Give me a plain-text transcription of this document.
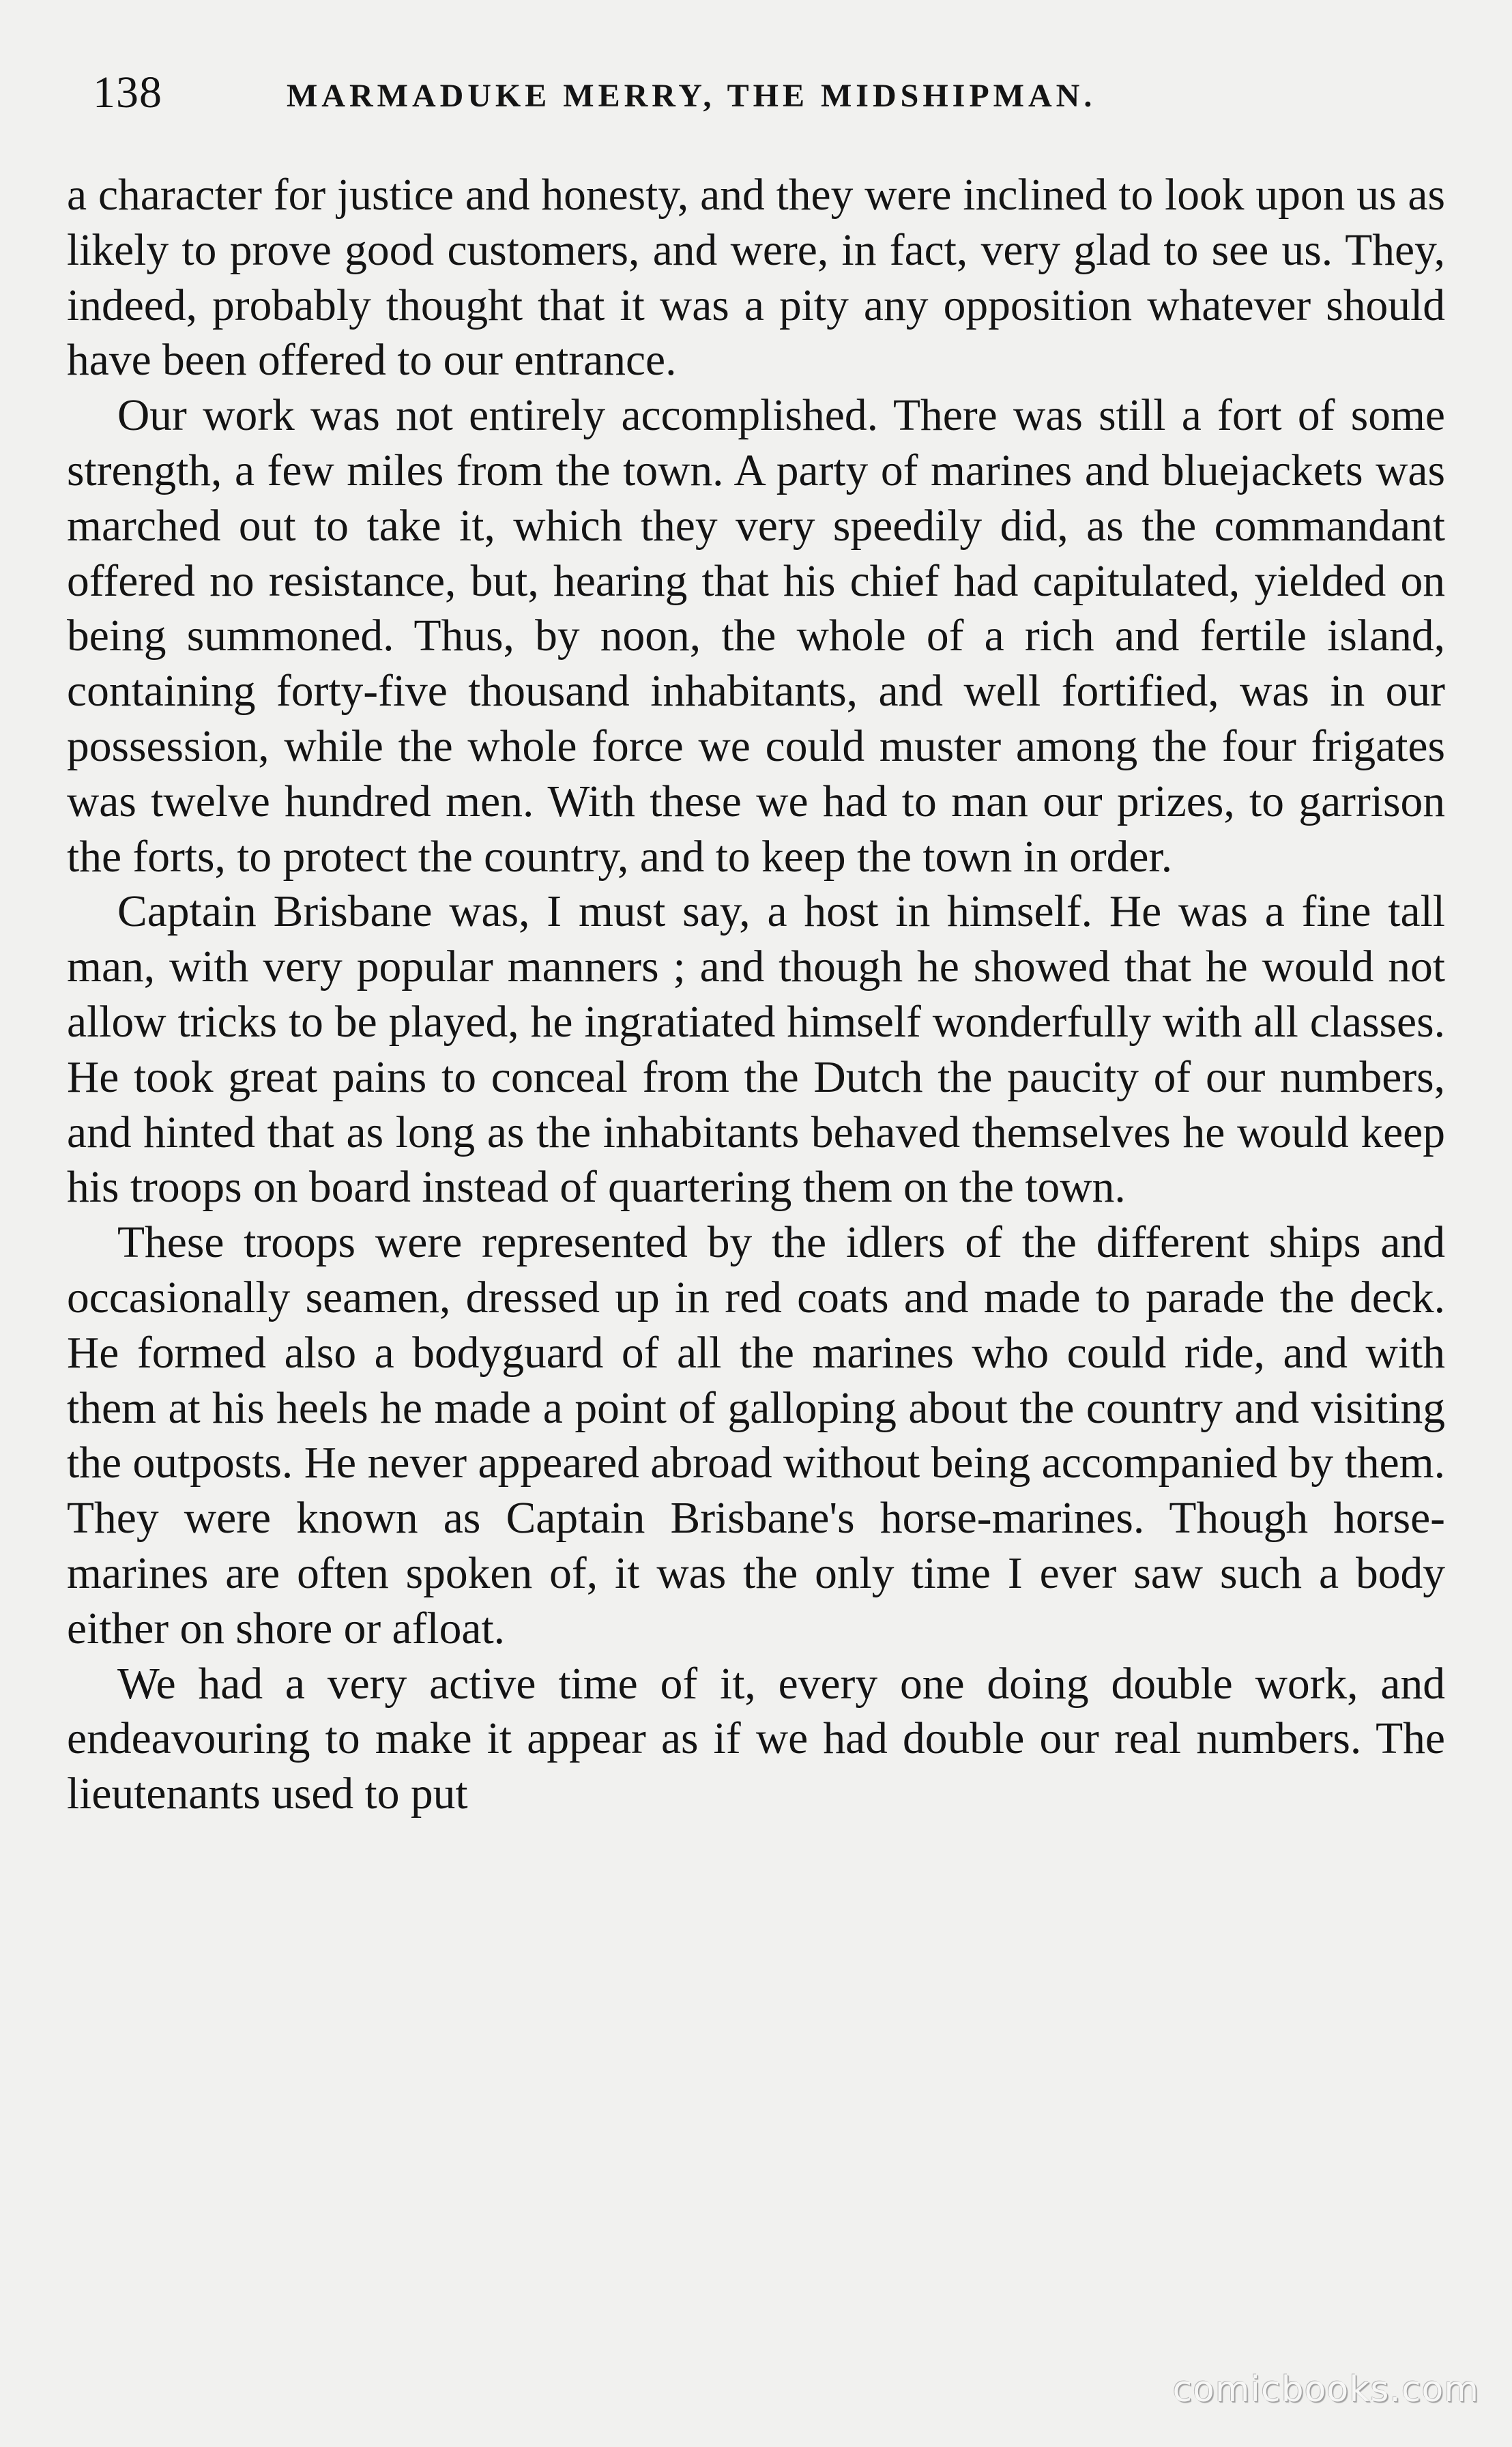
138	MARMADUKE MERRY, THE MIDSHIPMAN.

a character for justice and honesty, and they were inclined to look upon us as likely to prove good customers, and were, in fact, very glad to see us. They, indeed, probably thought that it was a pity any opposition whatever should have been offered to our entrance.

Our work was not entirely accomplished. There was still a fort of some strength, a few miles from the town. A party of marines and bluejackets was marched out to take it, which they very speedily did, as the commandant offered no resistance, but, hearing that his chief had capitulated, yielded on being summoned. Thus, by noon, the whole of a rich and fertile island, containing forty-five thousand inhabitants, and well fortified, was in our possession, while the whole force we could muster among the four frigates was twelve hundred men. With these we had to man our prizes, to garrison the forts, to protect the country, and to keep the town in order.

Captain Brisbane was, I must say, a host in himself. He was a fine tall man, with very popular manners ; and though he showed that he would not allow tricks to be played, he ingratiated himself wonderfully with all classes. He took great pains to conceal from the Dutch the paucity of our numbers, and hinted that as long as the inhabitants behaved themselves he would keep his troops on board instead of quartering them on the town.

These troops were represented by the idlers of the different ships and occasionally seamen, dressed up in red coats and made to parade the deck. He formed also a bodyguard of all the marines who could ride, and with them at his heels he made a point of galloping about the country and visiting the outposts. He never appeared abroad without being accompanied by them. They were known as Captain Brisbane's horse-marines. Though horse-marines are often spoken of, it was the only time I ever saw such a body either on shore or afloat.

We had a very active time of it, every one doing double work, and endeavouring to make it appear as if we had double our real numbers. The lieutenants used to put

comicbooks.com
